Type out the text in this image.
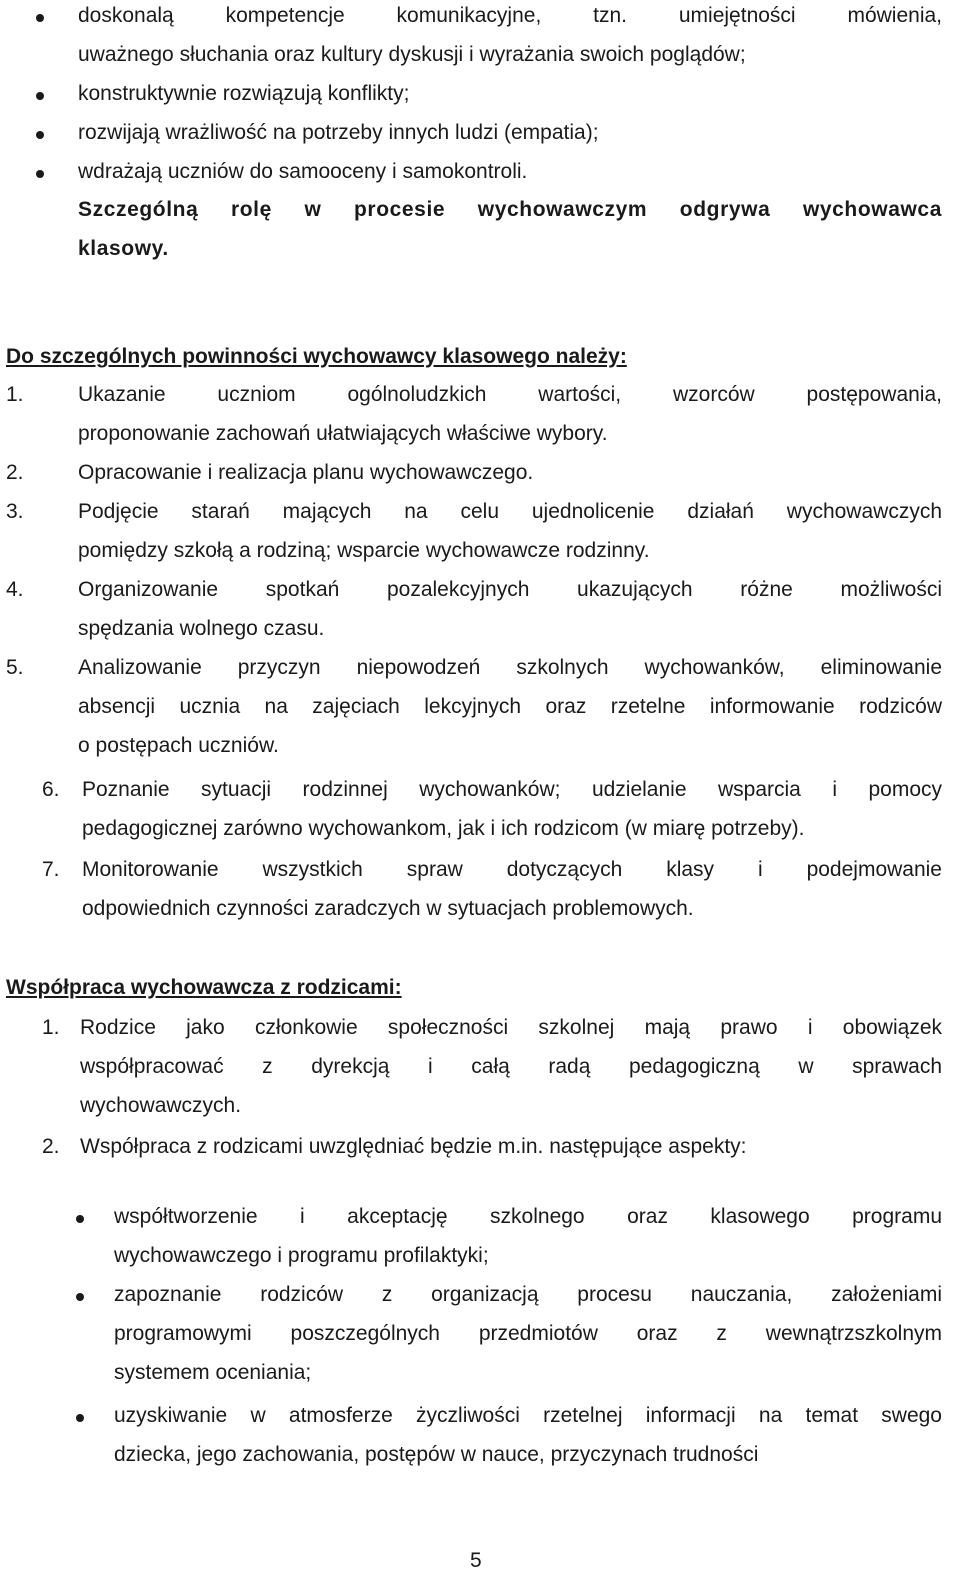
doskonalą kompetencje komunikacyjne, tzn. umiejętności mówienia,
uważnego słuchania oraz kultury dyskusji i wyrażania swoich poglądów;
konstruktywnie rozwiązują konflikty;
rozwijają wrażliwość na potrzeby innych ludzi (empatia);
wdrażają uczniów do samooceny i samokontroli.
Szczególną rolę w procesie wychowawczym odgrywa wychowawca
klasowy.
Do szczególnych powinności wychowawcy klasowego należy:
1.	Ukazanie uczniom ogólnoludzkich wartości, wzorców postępowania,
proponowanie zachowań ułatwiających właściwe wybory.
2.	Opracowanie i realizacja planu wychowawczego.
3.	Podjęcie starań mających na celu ujednolicenie działań wychowawczych
pomiędzy szkołą a rodziną; wsparcie wychowawcze rodzinny.
4.	Organizowanie spotkań pozalekcyjnych ukazujących różne możliwości
spędzania wolnego czasu.
5.	Analizowanie przyczyn niepowodzeń szkolnych wychowanków, eliminowanie
absencji ucznia na zajęciach lekcyjnych oraz rzetelne informowanie rodziców
o postępach uczniów.
6. Poznanie sytuacji rodzinnej wychowanków; udzielanie wsparcia i pomocy
pedagogicznej zarówno wychowankom, jak i ich rodzicom (w miarę potrzeby).
7. Monitorowanie wszystkich spraw dotyczących klasy i podejmowanie
odpowiednich czynności zaradczych w sytuacjach problemowych.
Współpraca wychowawcza z rodzicami:
1. Rodzice jako członkowie społeczności szkolnej mają prawo i obowiązek
współpracować z dyrekcją i całą radą pedagogiczną w sprawach
wychowawczych.
2. Współpraca z rodzicami uwzględniać będzie m.in. następujące aspekty:
współtworzenie i akceptację szkolnego oraz klasowego programu
wychowawczego i programu profilaktyki;
zapoznanie rodziców z organizacją procesu nauczania, założeniami
programowymi poszczególnych przedmiotów oraz z wewnątrzszkolnym
systemem oceniania;
uzyskiwanie w atmosferze życzliwości rzetelnej informacji na temat swego
dziecka, jego zachowania, postępów w nauce, przyczynach trudności
5
